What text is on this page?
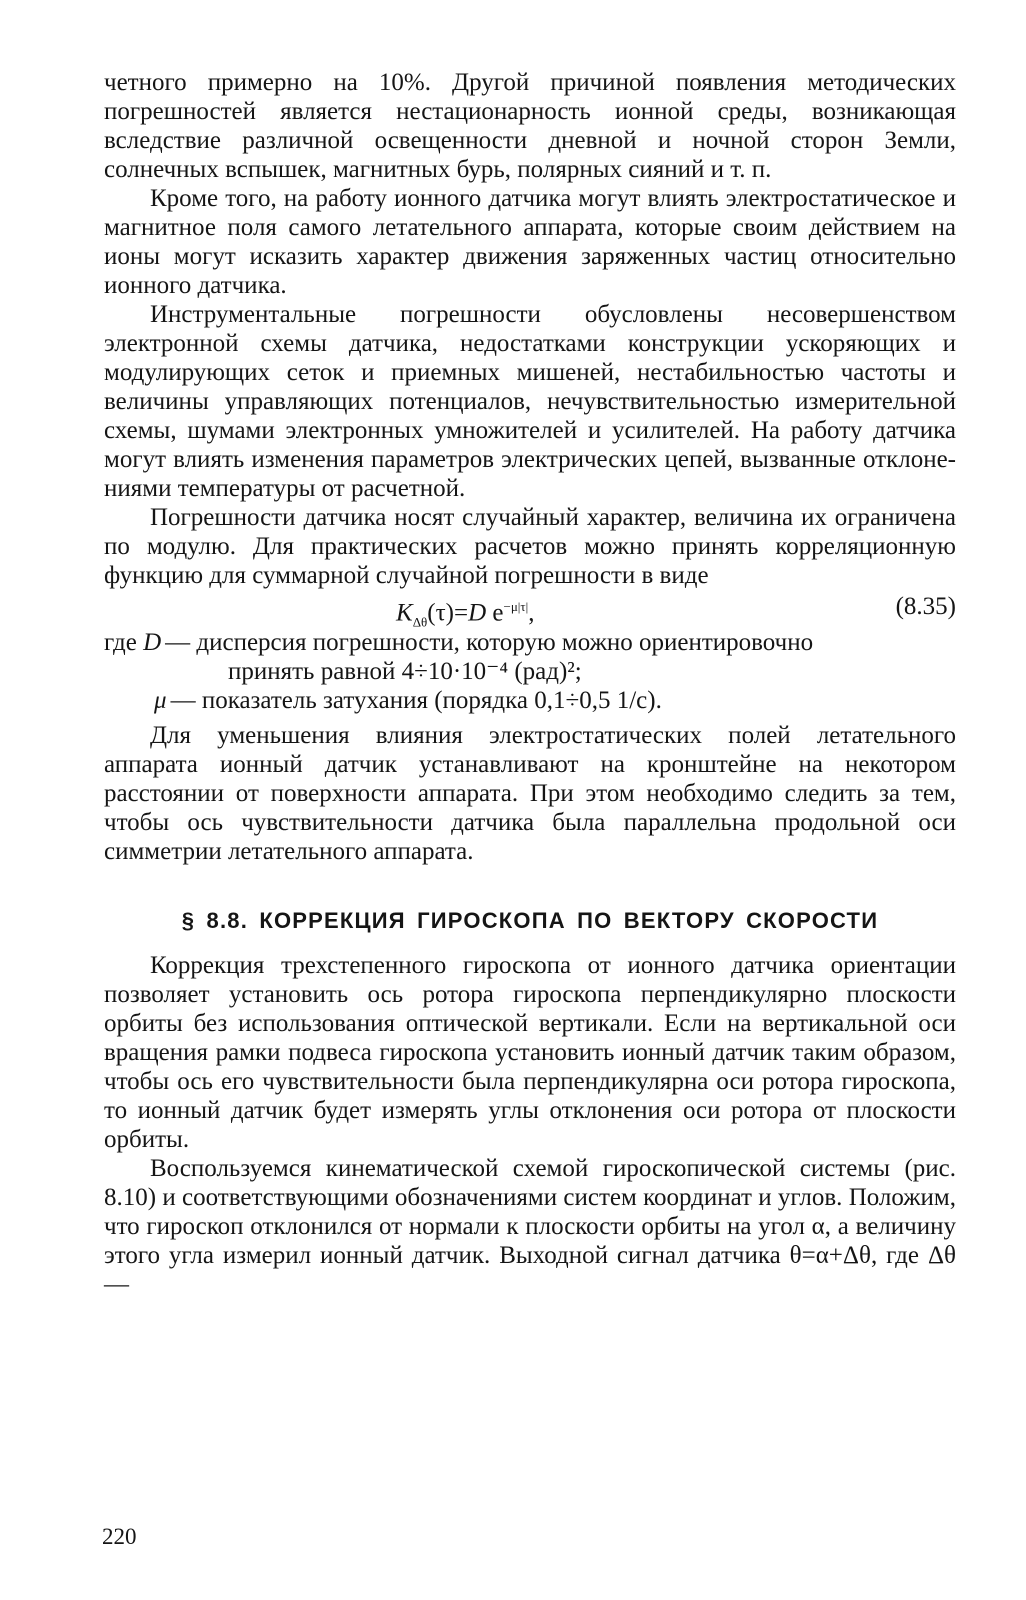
четного примерно на 10%. Другой причиной появления методических погрешностей является нестационарность ионной среды, возникающая вследствие различной освещенности дневной и ночной сторон Земли, солнечных вспышек, магнитных бурь, полярных сияний и т. п.

Кроме того, на работу ионного датчика могут влиять электростатическое и магнитное поля самого летательного аппарата, которые своим действием на ионы могут исказить характер движения заряженных частиц относительно ионного датчика.

Инструментальные погрешности обусловлены несовершенством электронной схемы датчика, недостатками конструкции ускоряющих и модулирующих сеток и приемных мишеней, нестабильностью частоты и величины управляющих потенциалов, нечувствительностью измерительной схемы, шумами электронных умножителей и усилителей. На работу датчика могут влиять изменения параметров электрических цепей, вызванные отклонениями температуры от расчетной.

Погрешности датчика носят случайный характер, величина их ограничена по модулю. Для практических расчетов можно принять корреляционную функцию для суммарной случайной погрешности в виде

$K_{\Delta\theta}(\tau)=D$ $e^{-\mu|\tau|}$,	(8.35)
где D — дисперсия погрешности, которую можно ориентировочно
принять равной 4÷10·10⁻⁴ (рад)²;
μ — показатель затухания (порядка 0,1÷0,5 1/с).

Для уменьшения влияния электростатических полей летательного аппарата ионный датчик устанавливают на кронштейне на некотором расстоянии от поверхности аппарата. При этом необходимо следить за тем, чтобы ось чувствительности датчика была параллельна продольной оси симметрии летательного аппарата.

§ 8.8. КОРРЕКЦИЯ ГИРОСКОПА ПО ВЕКТОРУ СКОРОСТИ

Коррекция трехстепенного гироскопа от ионного датчика ориентации позволяет установить ось ротора гироскопа перпендикулярно плоскости орбиты без использования оптической вертикали. Если на вертикальной оси вращения рамки подвеса гироскопа установить ионный датчик таким образом, чтобы ось его чувствительности была перпендикулярна оси ротора гироскопа, то ионный датчик будет измерять углы отклонения оси ротора от плоскости орбиты.

Воспользуемся кинематической схемой гироскопической системы (рис. 8.10) и соответствующими обозначениями систем координат и углов. Положим, что гироскоп отклонился от нормали к плоскости орбиты на угол α, а величину этого угла измерил ионный датчик. Выходной сигнал датчика θ=α+Δθ, где Δθ —

220
